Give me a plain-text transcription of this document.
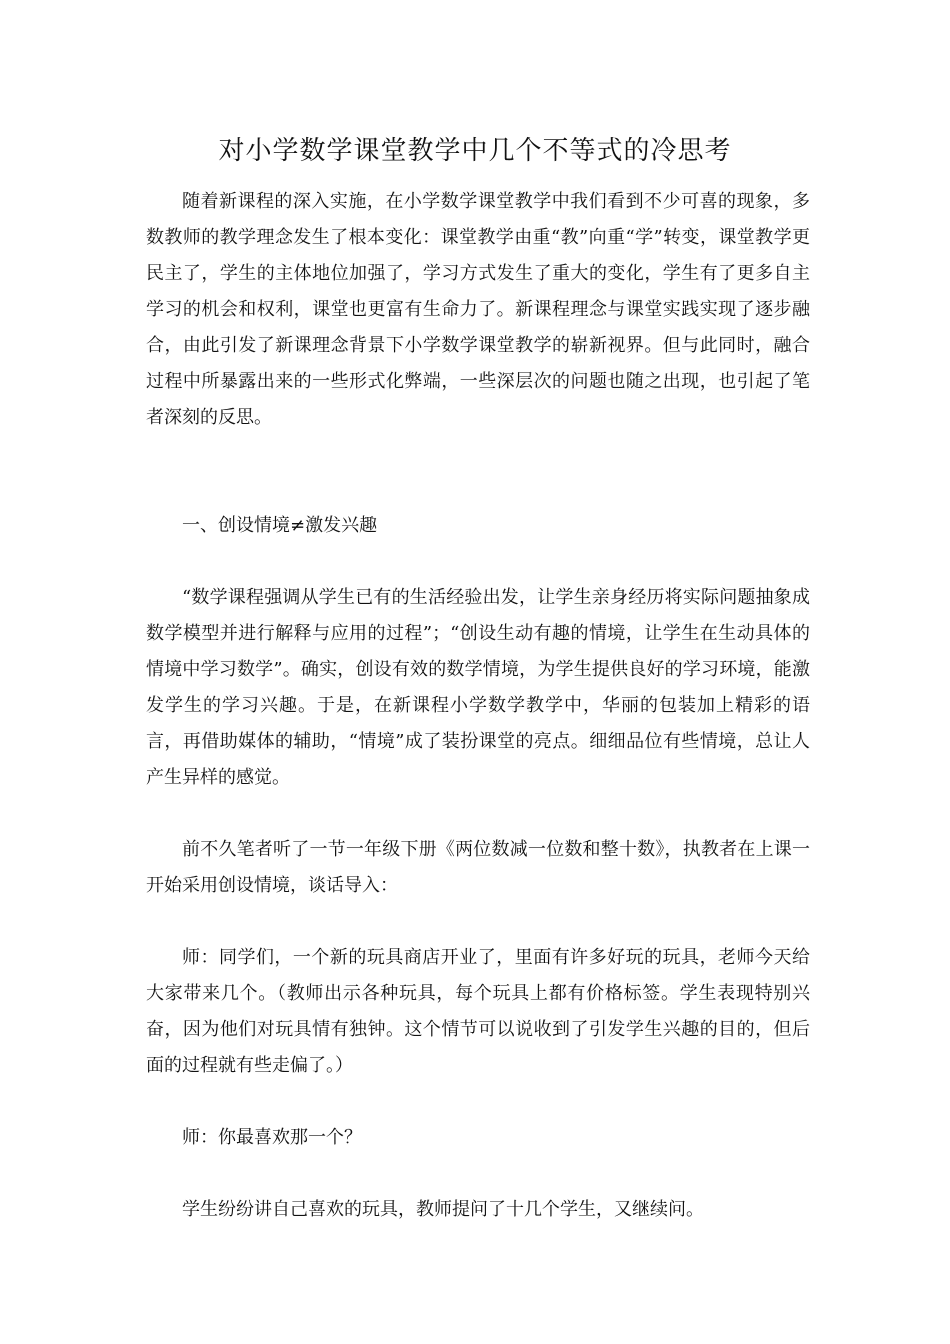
对小学数学课堂教学中几个不等式的冷思考

随着新课程的深入实施，在小学数学课堂教学中我们看到不少可喜的现象，多数教师的教学理念发生了根本变化：课堂教学由重“教”向重“学”转变，课堂教学更民主了，学生的主体地位加强了，学习方式发生了重大的变化，学生有了更多自主学习的机会和权利，课堂也更富有生命力了。新课程理念与课堂实践实现了逐步融合，由此引发了新课理念背景下小学数学课堂教学的崭新视界。但与此同时，融合过程中所暴露出来的一些形式化弊端，一些深层次的问题也随之出现，也引起了笔者深刻的反思。

一、创设情境≠激发兴趣

“数学课程强调从学生已有的生活经验出发，让学生亲身经历将实际问题抽象成数学模型并进行解释与应用的过程”；“创设生动有趣的情境，让学生在生动具体的情境中学习数学”。确实，创设有效的数学情境，为学生提供良好的学习环境，能激发学生的学习兴趣。于是，在新课程小学数学教学中，华丽的包装加上精彩的语言，再借助媒体的辅助，“情境”成了装扮课堂的亮点。细细品位有些情境，总让人产生异样的感觉。

前不久笔者听了一节一年级下册《两位数减一位数和整十数》，执教者在上课一开始采用创设情境，谈话导入：

师：同学们，一个新的玩具商店开业了，里面有许多好玩的玩具，老师今天给大家带来几个。（教师出示各种玩具，每个玩具上都有价格标签。学生表现特别兴奋，因为他们对玩具情有独钟。这个情节可以说收到了引发学生兴趣的目的，但后面的过程就有些走偏了。）

师：你最喜欢那一个？

学生纷纷讲自己喜欢的玩具，教师提问了十几个学生，又继续问。
